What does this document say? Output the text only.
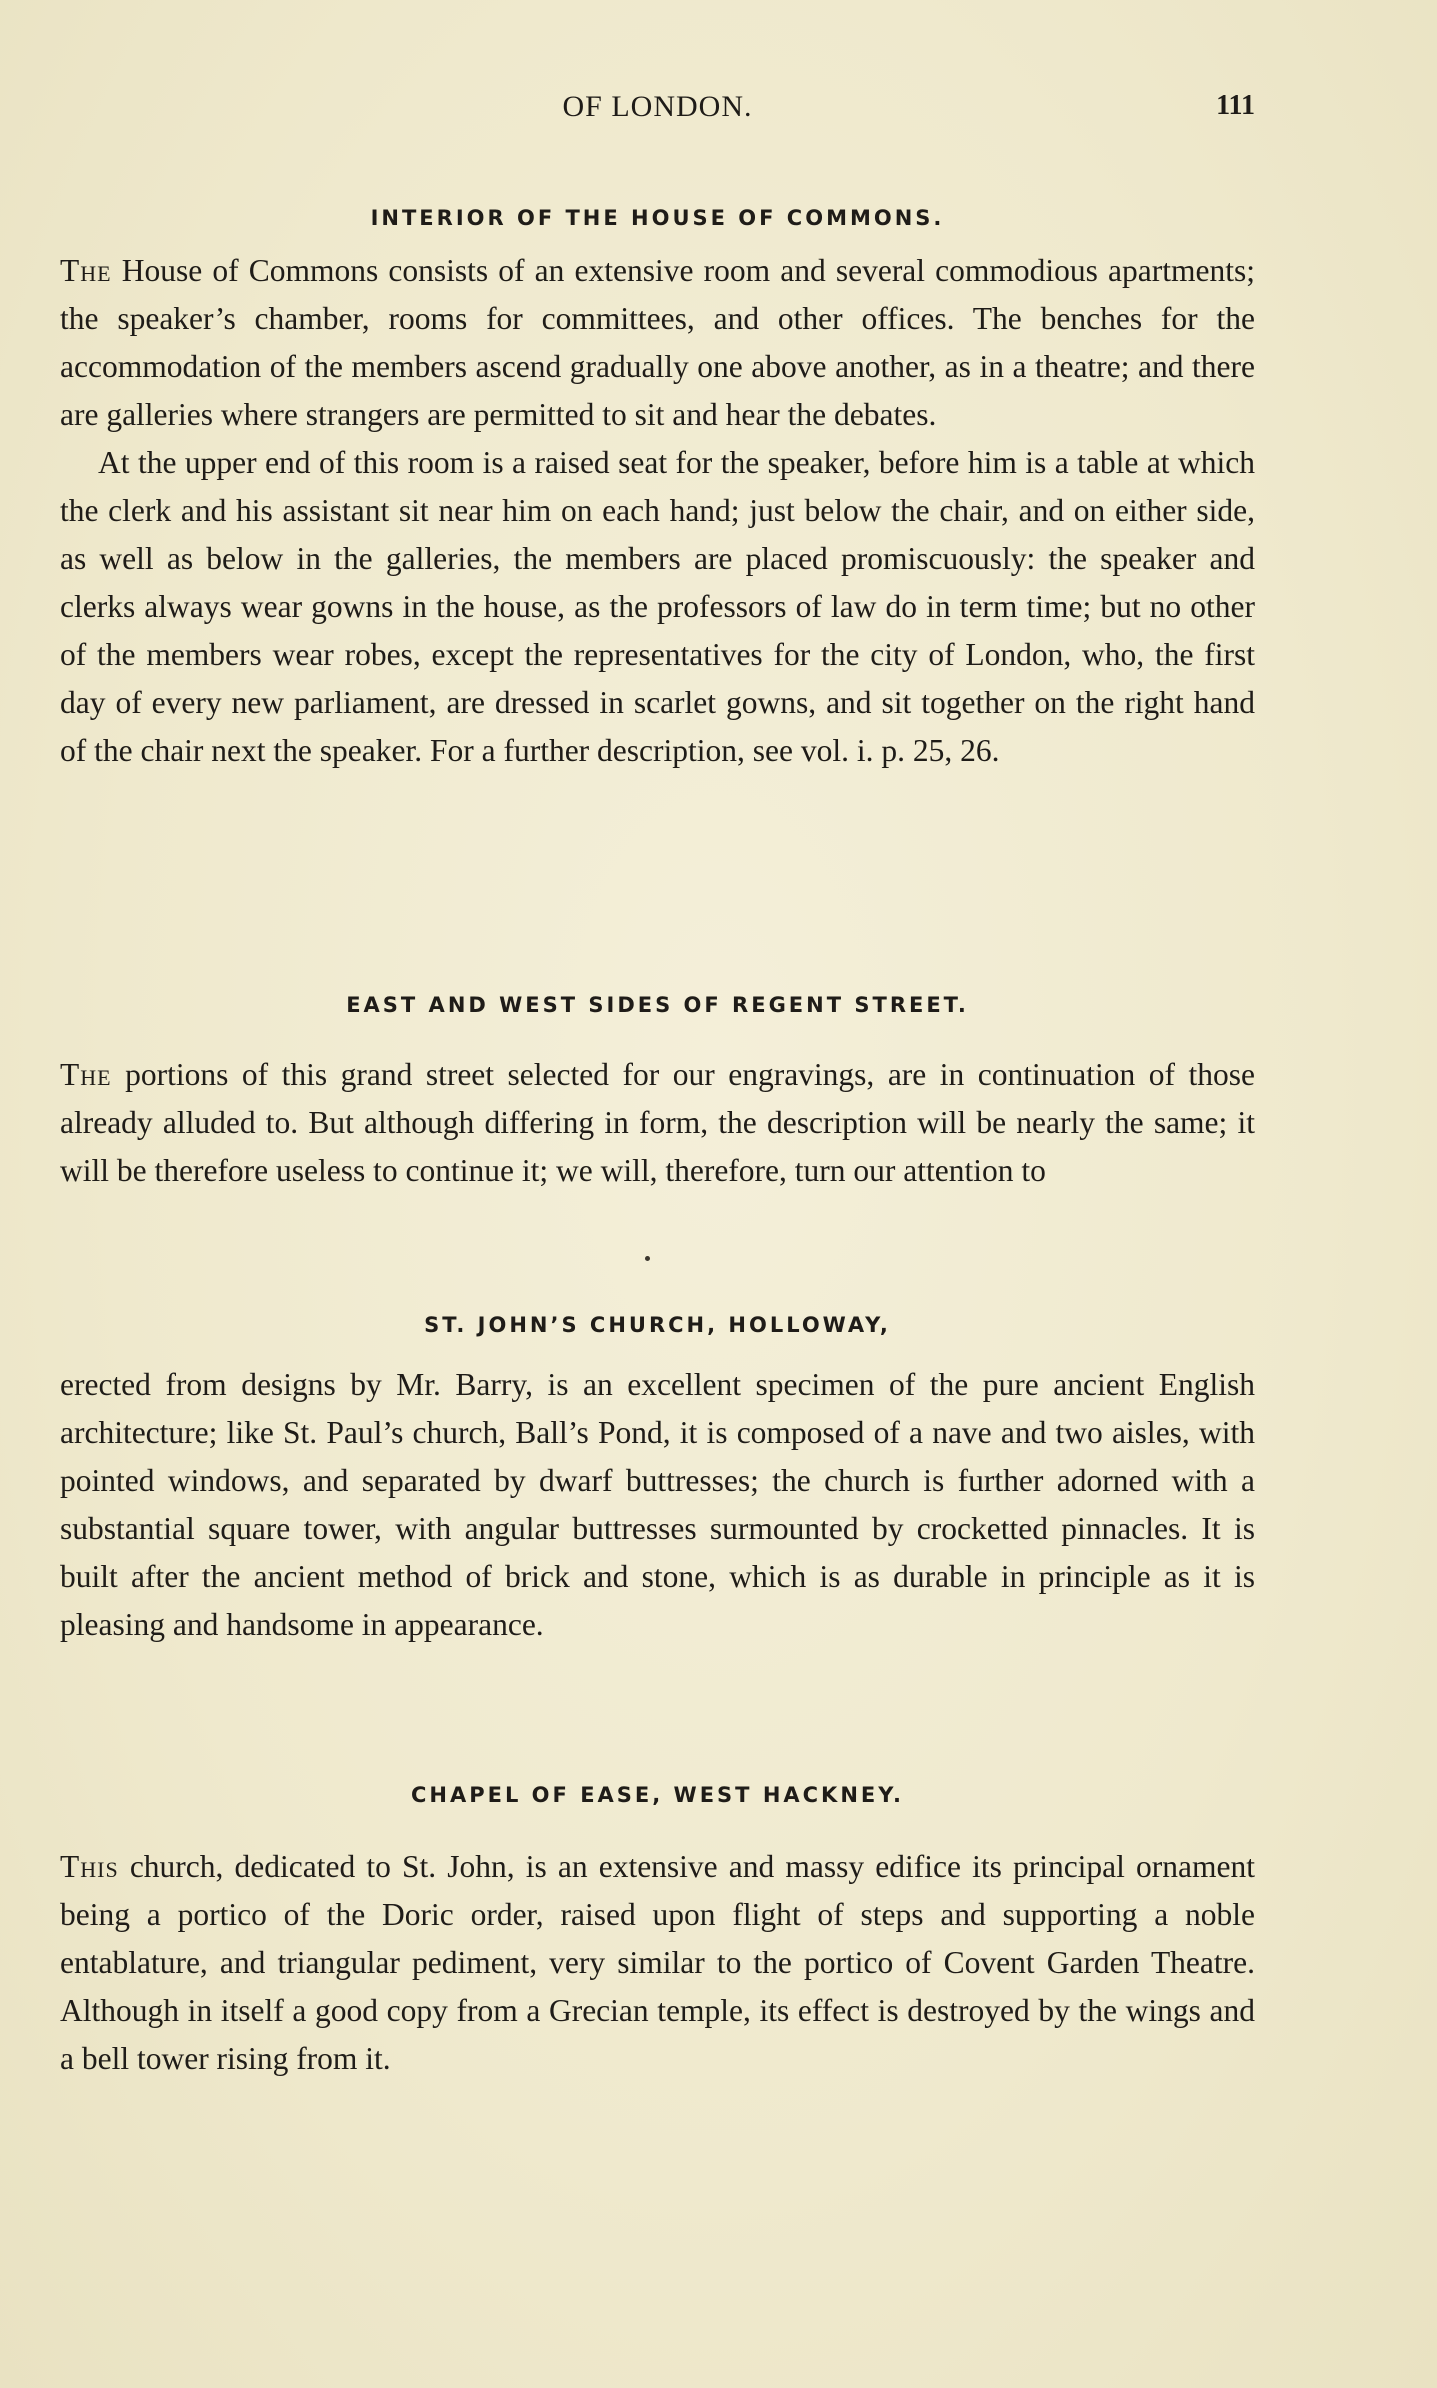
OF LONDON.	111
INTERIOR OF THE HOUSE OF COMMONS.

The House of Commons consists of an extensive room and several commodious apartments; the speaker’s chamber, rooms for committees, and other offices. The benches for the accommodation of the members ascend gradually one above another, as in a theatre; and there are galleries where strangers are permitted to sit and hear the debates.

At the upper end of this room is a raised seat for the speaker, before him is a table at which the clerk and his assistant sit near him on each hand; just below the chair, and on either side, as well as below in the galleries, the members are placed promiscuously: the speaker and clerks always wear gowns in the house, as the professors of law do in term time; but no other of the members wear robes, except the representatives for the city of London, who, the first day of every new parliament, are dressed in scarlet gowns, and sit together on the right hand of the chair next the speaker. For a further description, see vol. i. p. 25, 26.

EAST AND WEST SIDES OF REGENT STREET.

The portions of this grand street selected for our engravings, are in continuation of those already alluded to. But although differing in form, the description will be nearly the same; it will be therefore useless to continue it; we will, therefore, turn our attention to

ST. JOHN’S CHURCH, HOLLOWAY,

erected from designs by Mr. Barry, is an excellent specimen of the pure ancient English architecture; like St. Paul’s church, Ball’s Pond, it is composed of a nave and two aisles, with pointed windows, and separated by dwarf buttresses; the church is further adorned with a substantial square tower, with angular buttresses surmounted by crocketted pinnacles. It is built after the ancient method of brick and stone, which is as durable in principle as it is pleasing and handsome in appearance.

CHAPEL OF EASE, WEST HACKNEY.

This church, dedicated to St. John, is an extensive and massy edifice its principal ornament being a portico of the Doric order, raised upon flight of steps and supporting a noble entablature, and triangular pediment, very similar to the portico of Covent Garden Theatre. Although in itself a good copy from a Grecian temple, its effect is destroyed by the wings and a bell tower rising from it.
